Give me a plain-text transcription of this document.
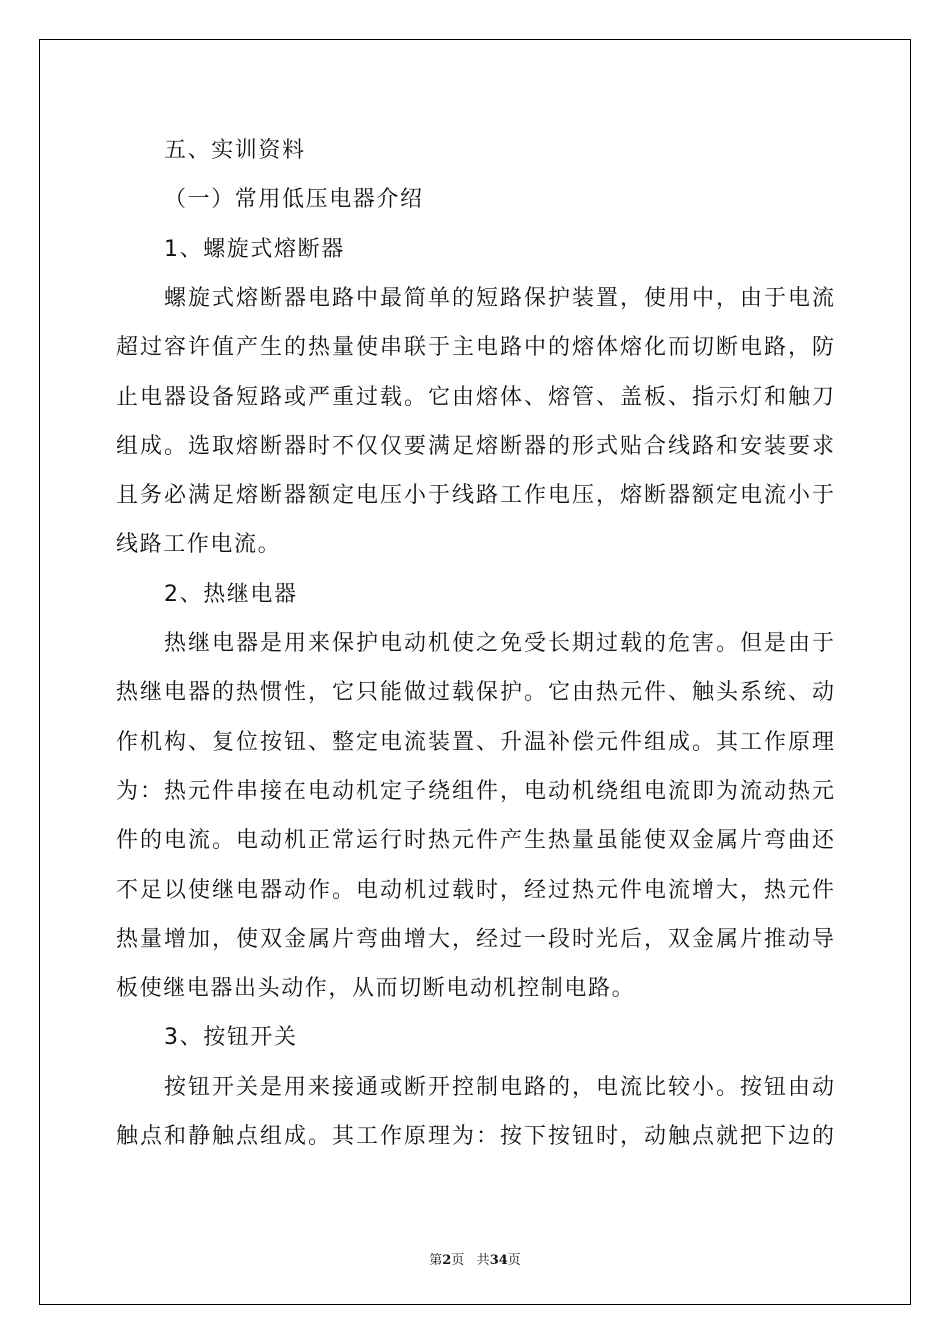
五、实训资料
（一）常用低压电器介绍
1、螺旋式熔断器
螺旋式熔断器电路中最简单的短路保护装置，使用中，由于电流
超过容许值产生的热量使串联于主电路中的熔体熔化而切断电路，防
止电器设备短路或严重过载。它由熔体、熔管、盖板、指示灯和触刀
组成。选取熔断器时不仅仅要满足熔断器的形式贴合线路和安装要求
且务必满足熔断器额定电压小于线路工作电压，熔断器额定电流小于
线路工作电流。
2、热继电器
热继电器是用来保护电动机使之免受长期过载的危害。但是由于
热继电器的热惯性，它只能做过载保护。它由热元件、触头系统、动
作机构、复位按钮、整定电流装置、升温补偿元件组成。其工作原理
为：热元件串接在电动机定子绕组件，电动机绕组电流即为流动热元
件的电流。电动机正常运行时热元件产生热量虽能使双金属片弯曲还
不足以使继电器动作。电动机过载时，经过热元件电流增大，热元件
热量增加，使双金属片弯曲增大，经过一段时光后，双金属片推动导
板使继电器出头动作，从而切断电动机控制电路。
3、按钮开关
按钮开关是用来接通或断开控制电路的，电流比较小。按钮由动
触点和静触点组成。其工作原理为：按下按钮时，动触点就把下边的
第2页 共34页
